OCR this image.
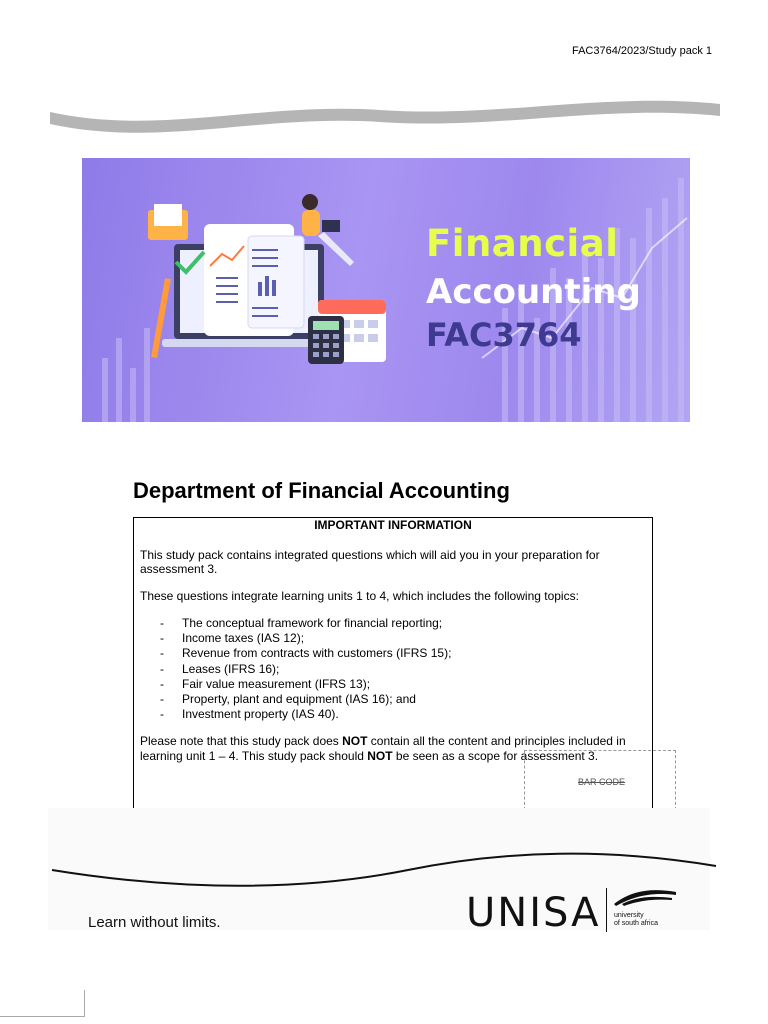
FAC3764/2023/Study pack 1
Financial
Accounting
FAC3764
Department of Financial Accounting

IMPORTANT INFORMATION

This study pack contains integrated questions which will aid you in your preparation for assessment 3.

These questions integrate learning units 1 to 4, which includes the following topics:

- The conceptual framework for financial reporting;
- Income taxes (IAS 12);
- Revenue from contracts with customers (IFRS 15);
- Leases (IFRS 16);
- Fair value measurement (IFRS 13);
- Property, plant and equipment (IAS 16); and
- Investment property (IAS 40).

Please note that this study pack does NOT contain all the content and principles included in learning unit 1 – 4. This study pack should NOT be seen as a scope for assessment 3.

BAR CODE
Learn without limits.	UNISA university
of south africa
